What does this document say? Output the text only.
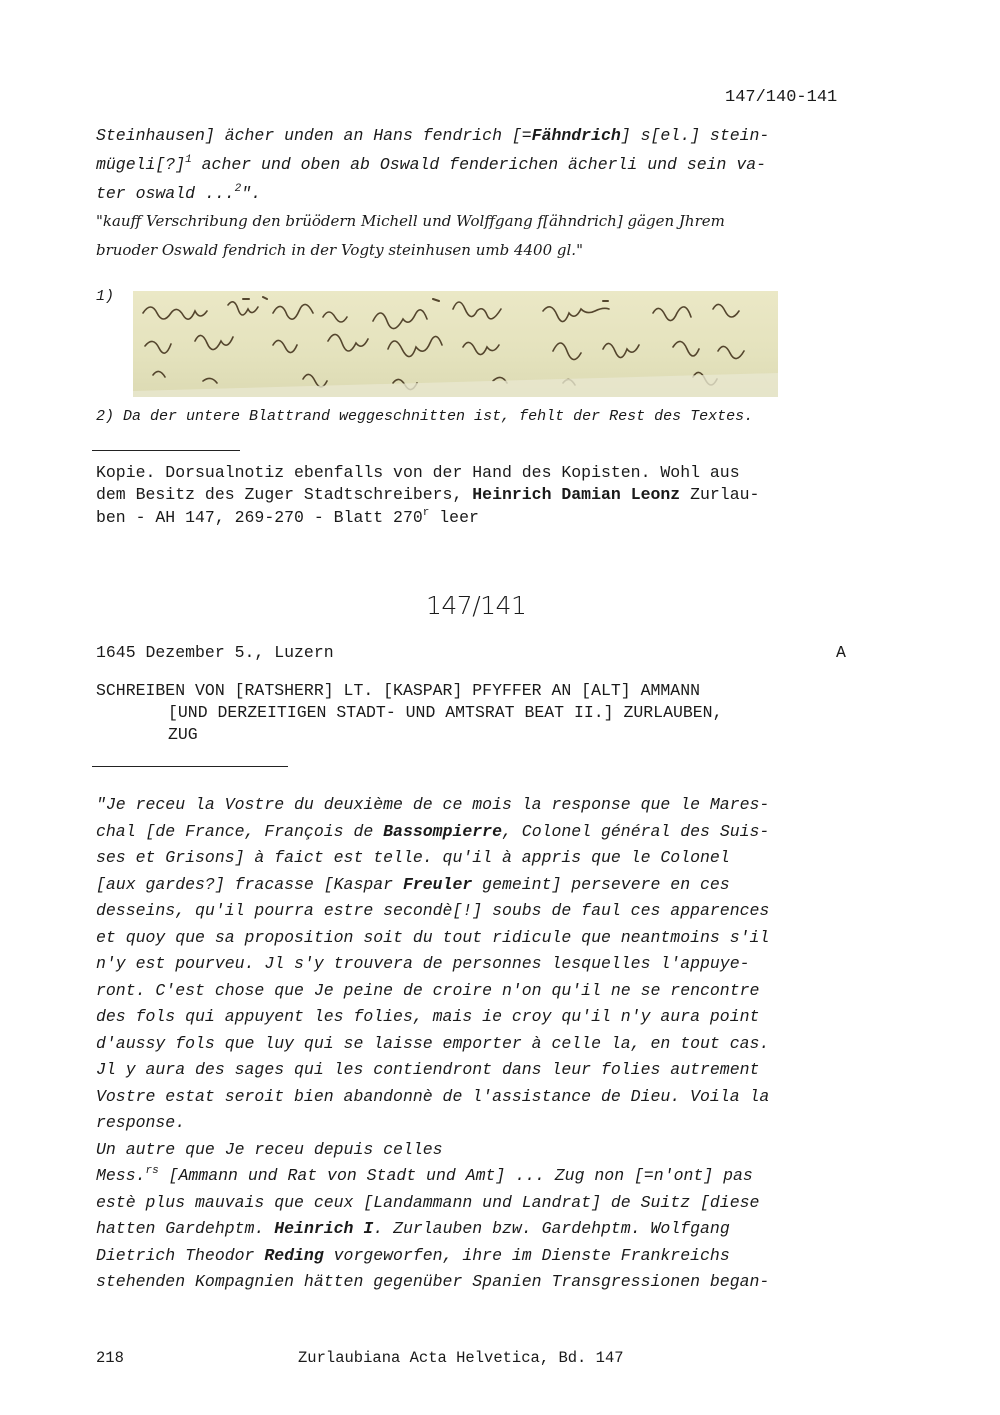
147/140-141
Steinhausen] ächer unden an Hans fendrich [=Fähndrich] s[el.] stein-
mügeli[?]$^1$ acher und oben ab Oswald fenderichen ächerli und sein va-
ter oswald ...$^2$".
"kauff Verschribung den brüödern Michell und Wolffgang f[ähndrich] gägen Jhrem
bruoder Oswald fendrich in der Vogty steinhusen umb 4400 gl."
1)
2) Da der untere Blattrand weggeschnitten ist, fehlt der Rest des Textes.
Kopie. Dorsualnotiz ebenfalls von der Hand des Kopisten. Wohl aus
dem Besitz des Zuger Stadtschreibers, Heinrich Damian Leonz Zurlau-
ben - AH 147, 269-270 - Blatt 270$^r$ leer
147/141
1645 Dezember 5., Luzern	A
SCHREIBEN VON [RATSHERR] LT. [KASPAR] PFYFFER AN [ALT] AMMANN
[UND DERZEITIGEN STADT- UND AMTSRAT BEAT II.] ZURLAUBEN,
ZUG
"Je receu la Vostre du deuxième de ce mois la response que le Mares-
chal [de France, François de Bassompierre, Colonel général des Suis-
ses et Grisons] à faict est telle. qu'il à appris que le Colonel
[aux gardes?] fracasse [Kaspar Freuler gemeint] persevere en ces
desseins, qu'il pourra estre secondè[!] soubs de faul ces apparences
et quoy que sa proposition soit du tout ridicule que neantmoins s'il
n'y est pourveu. Jl s'y trouvera de personnes lesquelles l'appuye-
ront. C'est chose que Je peine de croire n'on qu'il ne se rencontre
des fols qui appuyent les folies, mais ie croy qu'il n'y aura point
d'aussy fols que luy qui se laisse emporter à celle la, en tout cas.
Jl y aura des sages qui les contiendront dans leur folies autrement
Vostre estat seroit bien abandonnè de l'assistance de Dieu. Voila la
response.
Un autre que Je receu depuis celles
Mess.$^{rs}$ [Ammann und Rat von Stadt und Amt] ... Zug non [=n'ont] pas
estè plus mauvais que ceux [Landammann und Landrat] de Suitz [diese
hatten Gardehptm. Heinrich I. Zurlauben bzw. Gardehptm. Wolfgang
Dietrich Theodor Reding vorgeworfen, ihre im Dienste Frankreichs
stehenden Kompagnien hätten gegenüber Spanien Transgressionen began-
218	Zurlaubiana Acta Helvetica, Bd. 147
